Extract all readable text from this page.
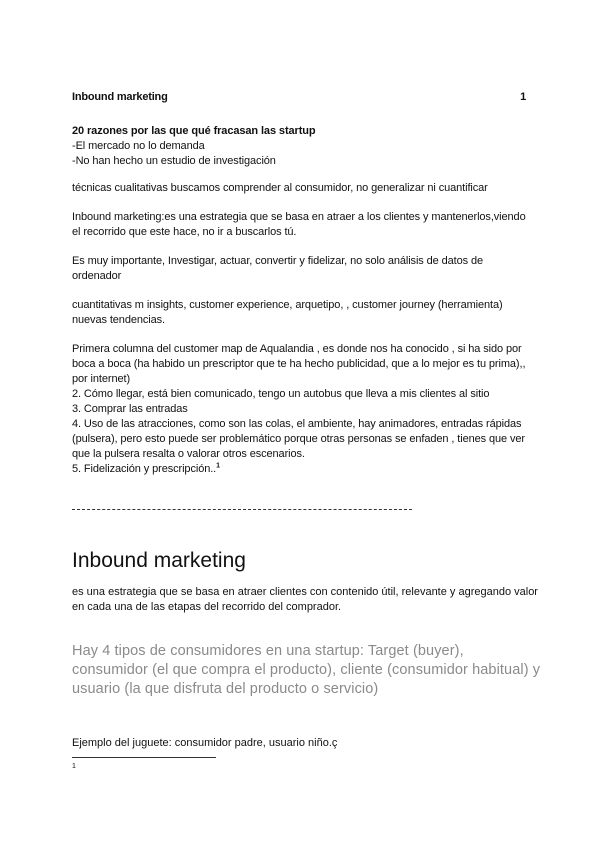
Inbound marketing	1

20 razones por las que qué fracasan las startup

-El mercado no lo demanda

-No han hecho un estudio de investigación

técnicas cualitativas buscamos comprender al consumidor, no generalizar ni cuantificar

Inbound marketing:es una estrategia que se basa en atraer a los clientes y mantenerlos,viendo el recorrido que este hace, no ir a buscarlos tú.

Es muy importante, Investigar, actuar, convertir y fidelizar, no solo análisis de datos de ordenador

cuantitativas m insights, customer experience, arquetipo, , customer journey (herramienta) nuevas tendencias.

Primera columna del customer map de Aqualandia , es donde nos ha conocido , si ha sido por boca a boca (ha habido un prescriptor que te ha hecho publicidad, que a lo mejor es tu prima),, por internet)

2. Cómo llegar, está bien comunicado, tengo un autobus que lleva a mis clientes al sitio

3. Comprar las entradas

4. Uso de las atracciones, como son las colas, el ambiente, hay animadores, entradas rápidas (pulsera), pero esto puede ser problemático porque otras personas se enfaden , tienes que ver que la pulsera resalta o valorar otros escenarios.

5. Fidelización y prescripción..$^1$

Inbound marketing
es una estrategia que se basa en atraer clientes con contenido útil, relevante y agregando valor en cada una de las etapas del recorrido del comprador.
Hay 4 tipos de consumidores en una startup: Target (buyer), consumidor (el que compra el producto), cliente (consumidor habitual) y usuario (la que disfruta del producto o servicio)
Ejemplo del juguete: consumidor padre, usuario niño.ç
1
